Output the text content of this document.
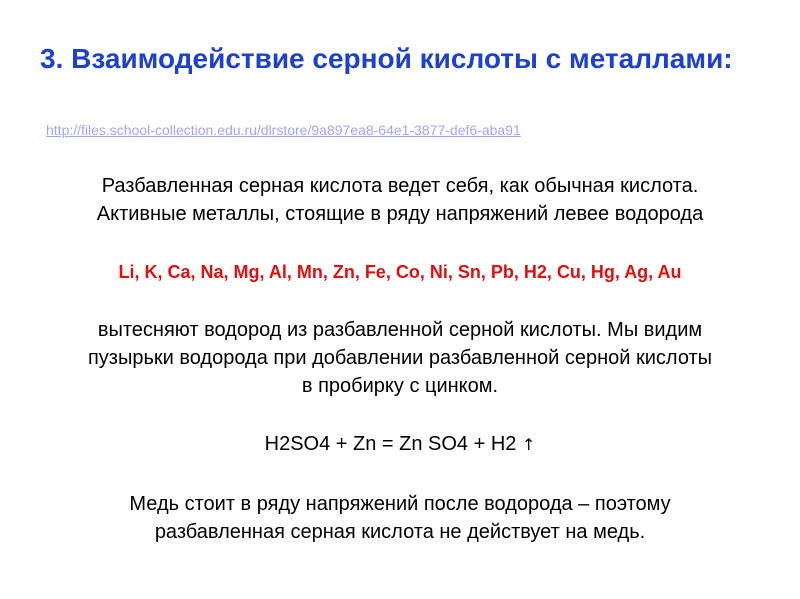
3. Взаимодействие серной кислоты с металлами:
http://files.school-collection.edu.ru/dlrstore/9a897ea8-64e1-3877-def6-aba91

Разбавленная серная кислота ведет себя, как обычная кислота.

Активные металлы, стоящие в ряду напряжений левее водорода

Li, K, Ca, Na, Mg, Al, Mn, Zn, Fe, Co, Ni, Sn, Pb, H2, Cu, Hg, Ag, Au

вытесняют водород из разбавленной серной кислоты. Мы видим

пузырьки водорода при добавлении разбавленной серной кислоты

в пробирку с цинком.

H2SO4 + Zn = Zn SO4 + H2 ↑

Медь стоит в ряду напряжений после водорода – поэтому

разбавленная серная кислота не действует на медь.
